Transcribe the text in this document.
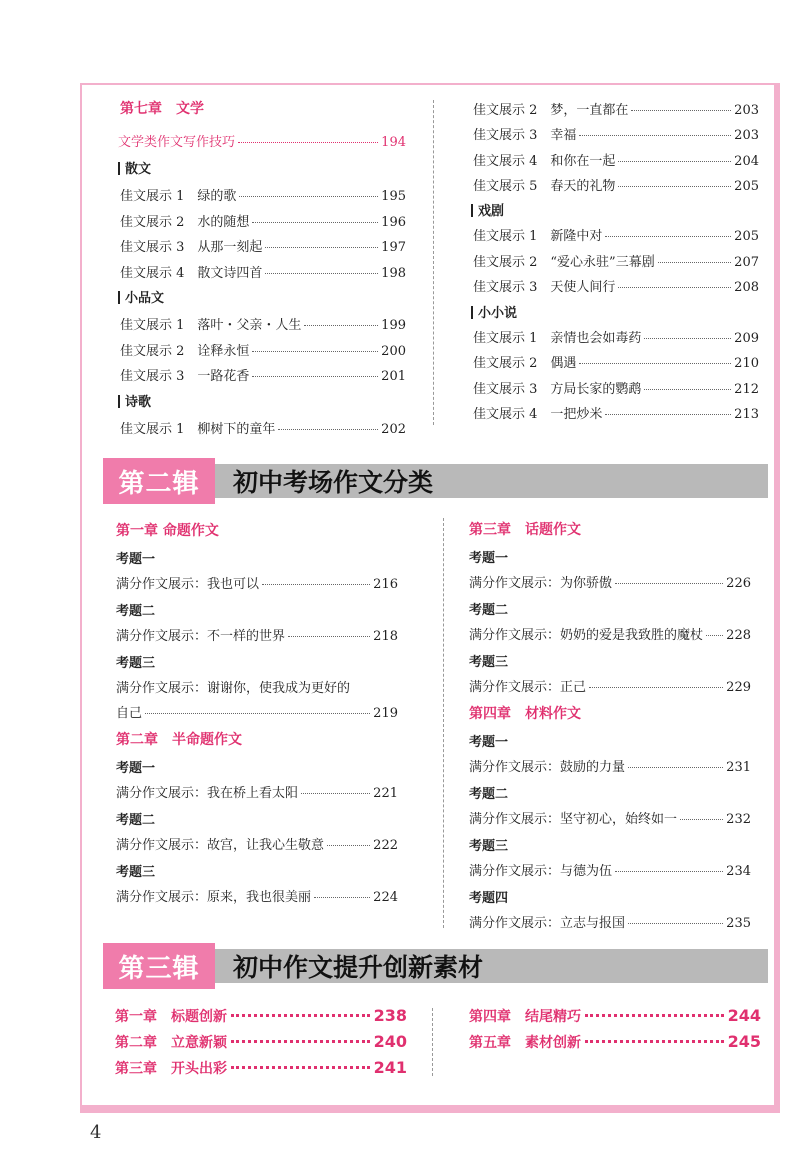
第七章　文学
文学类作文写作技巧	194
散文
佳文展示 1　绿的歌	195
佳文展示 2　水的随想	196
佳文展示 3　从那一刻起	197
佳文展示 4　散文诗四首	198
小品文
佳文展示 1　落叶・父亲・人生	199
佳文展示 2　诠释永恒	200
佳文展示 3　一路花香	201
诗歌
佳文展示 1　柳树下的童年	202
佳文展示 2　梦，一直都在	203
佳文展示 3　幸福	203
佳文展示 4　和你在一起	204
佳文展示 5　春天的礼物	205
戏剧
佳文展示 1　新隆中对	205
佳文展示 2　“爱心永驻”三幕剧	207
佳文展示 3　天使人间行	208
小小说
佳文展示 1　亲情也会如毒药	209
佳文展示 2　偶遇	210
佳文展示 3　方局长家的鹦鹉	212
佳文展示 4　一把炒米	213
第二辑	初中考场作文分类
第一章 命题作文
考题一
满分作文展示：我也可以	216
考题二
满分作文展示：不一样的世界	218
考题三
满分作文展示：谢谢你，使我成为更好的
自己	219
第二章　半命题作文
考题一
满分作文展示：我在桥上看太阳	221
考题二
满分作文展示：故宫，让我心生敬意	222
考题三
满分作文展示：原来，我也很美丽	224
第三章　话题作文
考题一
满分作文展示：为你骄傲	226
考题二
满分作文展示：奶奶的爱是我致胜的魔杖 228
考题三
满分作文展示：正己	229
第四章　材料作文
考题一
满分作文展示：鼓励的力量	231
考题二
满分作文展示：坚守初心，始终如一	232
考题三
满分作文展示：与德为伍	234
考题四
满分作文展示：立志与报国	235
第三辑	初中作文提升创新素材
第一章　标题创新	238
第二章　立意新颖	240
第三章　开头出彩	241
第四章　结尾精巧	244
第五章　素材创新	245
4
